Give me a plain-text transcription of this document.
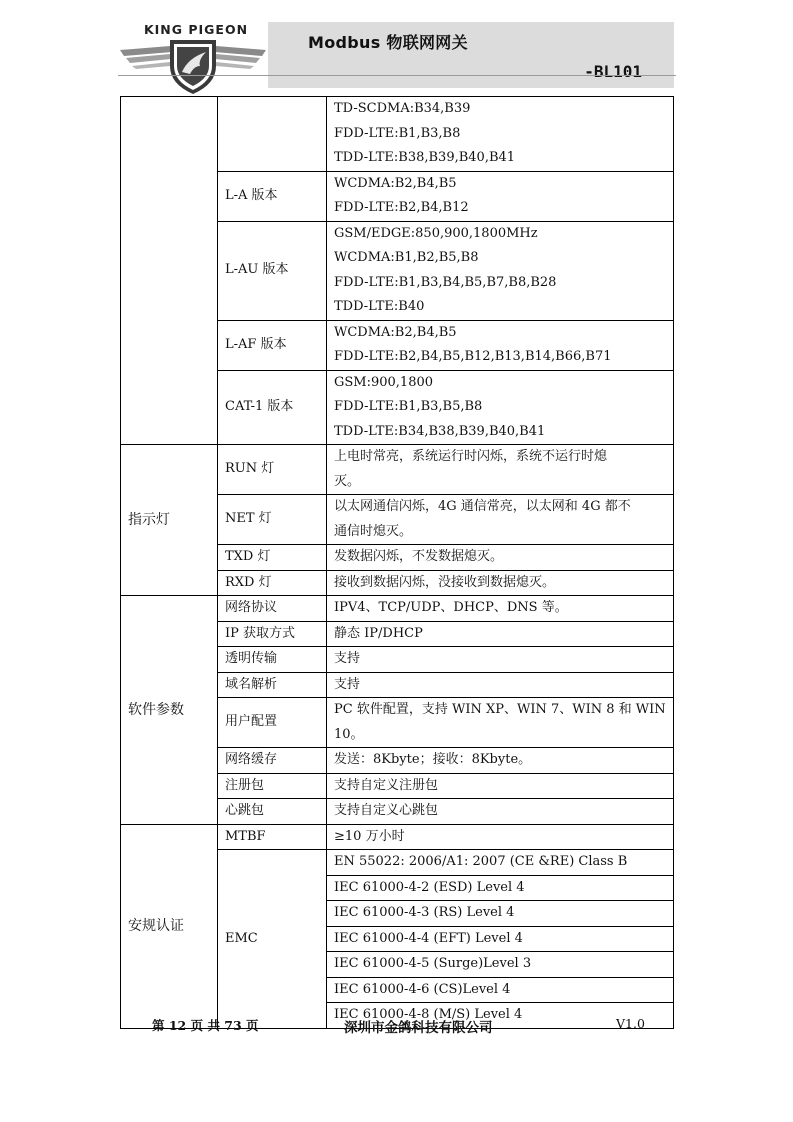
KING PIGEON
Modbus 物联网网关
-BL101

		TD-SCDMA:B34,B39
FDD-LTE:B1,B3,B8
TDD-LTE:B38,B39,B40,B41

	L-A 版本	WCDMA:B2,B4,B5
FDD-LTE:B2,B4,B12

	L-AU 版本	GSM/EDGE:850,900,1800MHz
WCDMA:B1,B2,B5,B8
FDD-LTE:B1,B3,B4,B5,B7,B8,B28
TDD-LTE:B40

	L-AF 版本	WCDMA:B2,B4,B5
FDD-LTE:B2,B4,B5,B12,B13,B14,B66,B71

	CAT-1 版本	GSM:900,1800
FDD-LTE:B1,B3,B5,B8
TDD-LTE:B34,B38,B39,B40,B41

指示灯	RUN 灯	上电时常亮，系统运行时闪烁，系统不运行时熄
灭。

	NET 灯	以太网通信闪烁，4G 通信常亮，以太网和 4G 都不
通信时熄灭。

	TXD 灯	发数据闪烁，不发数据熄灭。
	RXD 灯	接收到数据闪烁，没接收到数据熄灭。
软件参数	网络协议	IPV4、TCP/UDP、DHCP、DNS 等。
	IP 获取方式	静态 IP/DHCP
	透明传输	支持
	域名解析	支持
	用户配置	PC 软件配置，支持 WIN XP、WIN 7、WIN 8 和 WIN
10。

	网络缓存	发送：8Kbyte；接收：8Kbyte。
	注册包	支持自定义注册包
	心跳包	支持自定义心跳包
安规认证	MTBF	≥10 万小时
	EMC	EN 55022: 2006/A1: 2007 (CE &RE) Class B
		IEC 61000-4-2 (ESD) Level 4
		IEC 61000-4-3 (RS) Level 4
		IEC 61000-4-4 (EFT) Level 4
		IEC 61000-4-5 (Surge)Level 3
		IEC 61000-4-6 (CS)Level 4
		IEC 61000-4-8 (M/S) Level 4
第 12 页 共 73 页	深圳市金鸽科技有限公司	V1.0
